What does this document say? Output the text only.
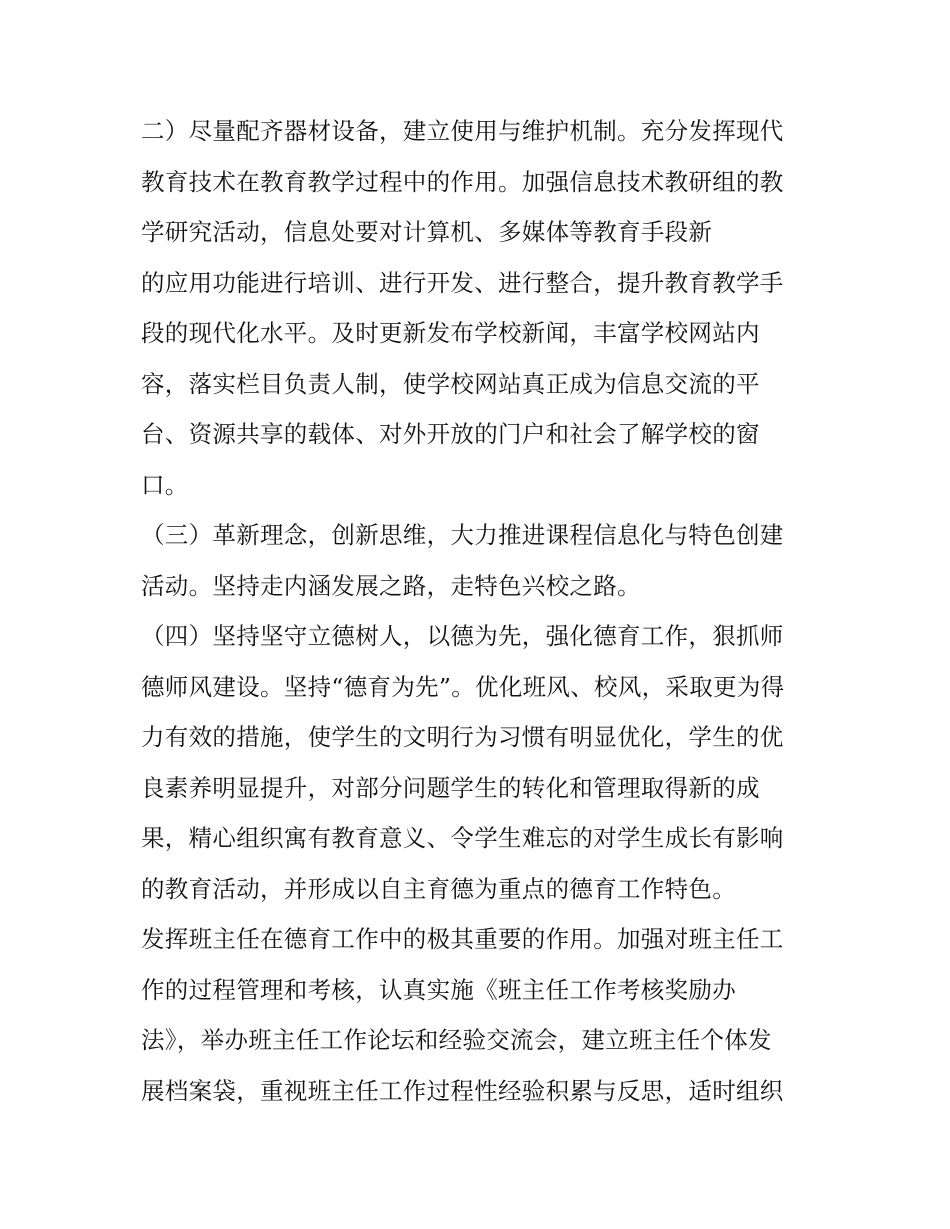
二）尽量配齐器材设备，建立使用与维护机制。充分发挥现代
教育技术在教育教学过程中的作用。加强信息技术教研组的教
学研究活动，信息处要对计算机、多媒体等教育手段新
的应用功能进行培训、进行开发、进行整合，提升教育教学手
段的现代化水平。及时更新发布学校新闻，丰富学校网站内
容，落实栏目负责人制，使学校网站真正成为信息交流的平
台、资源共享的载体、对外开放的门户和社会了解学校的窗
口。
（三）革新理念，创新思维，大力推进课程信息化与特色创建
活动。坚持走内涵发展之路，走特色兴校之路。
（四）坚持坚守立德树人，以德为先，强化德育工作，狠抓师
德师风建设。坚持“德育为先”。优化班风、校风，采取更为得
力有效的措施，使学生的文明行为习惯有明显优化，学生的优
良素养明显提升，对部分问题学生的转化和管理取得新的成
果，精心组织寓有教育意义、令学生难忘的对学生成长有影响
的教育活动，并形成以自主育德为重点的德育工作特色。
发挥班主任在德育工作中的极其重要的作用。加强对班主任工
作的过程管理和考核，认真实施《班主任工作考核奖励办
法》，举办班主任工作论坛和经验交流会，建立班主任个体发
展档案袋，重视班主任工作过程性经验积累与反思，适时组织
